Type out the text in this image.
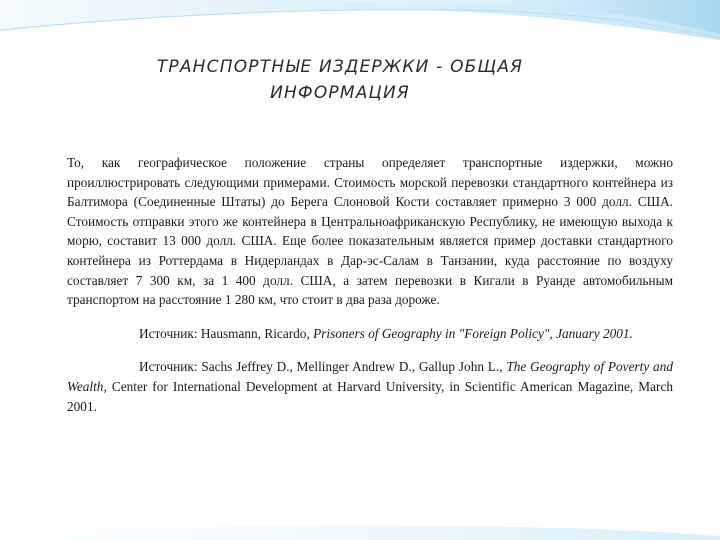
ТРАНСПОРТНЫЕ ИЗДЕРЖКИ - ОБЩАЯ
ИНФОРМАЦИЯ

То, как географическое положение страны определяет транспортные издержки, можно проиллюстрировать следующими примерами. Стоимость морской перевозки стандартного контейнера из Балтимора (Соединенные Штаты) до Берега Слоновой Кости составляет примерно 3 000 долл. США. Стоимость отправки этого же контейнера в Центральноафриканскую Республику, не имеющую выхода к морю, составит 13 000 долл. США. Еще более показательным является пример доставки стандартного контейнера из Роттердама в Нидерландах в Дар-эс-Салам в Танзании, куда расстояние по воздуху составляет 7 300 км, за 1 400 долл. США, а затем перевозки в Кигали в Руанде автомобильным транспортом на расстояние 1 280 км, что стоит в два раза дороже.

Источник: Hausmann, Ricardo, Prisoners of Geography in "Foreign Policy", January 2001.

Источник: Sachs Jeffrey D., Mellinger Andrew D., Gallup John L., The Geography of Poverty and Wealth, Center for International Development at Harvard University, in Scientific American Magazine, March 2001.
